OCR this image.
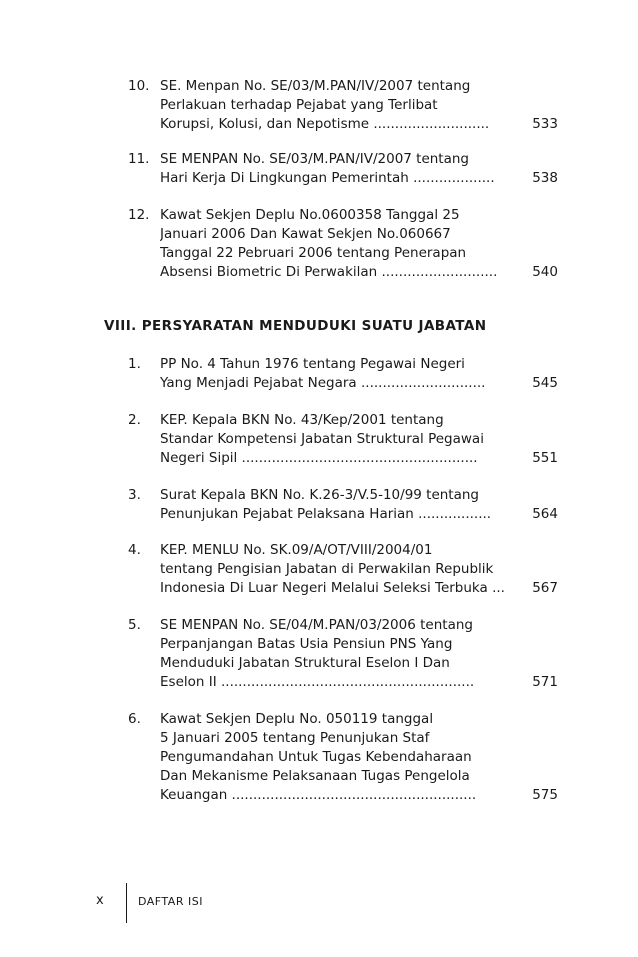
10. SE. Menpan No. SE/03/M.PAN/IV/2007 tentang
Perlakuan terhadap Pejabat yang Terlibat
Korupsi, Kolusi, dan Nepotisme ...........................	533
11. SE MENPAN No. SE/03/M.PAN/IV/2007 tentang
Hari Kerja Di Lingkungan Pemerintah ...................	538
12. Kawat Sekjen Deplu No.0600358 Tanggal 25
Januari 2006 Dan Kawat Sekjen No.060667
Tanggal 22 Pebruari 2006 tentang Penerapan
Absensi Biometric Di Perwakilan ...........................	540
VIII. PERSYARATAN MENDUDUKI SUATU JABATAN
1. PP No. 4 Tahun 1976 tentang Pegawai Negeri
Yang Menjadi Pejabat Negara .............................	545
2. KEP. Kepala BKN No. 43/Kep/2001 tentang
Standar Kompetensi Jabatan Struktural Pegawai
Negeri Sipil .......................................................	551
3. Surat Kepala BKN No. K.26-3/V.5-10/99 tentang
Penunjukan Pejabat Pelaksana Harian .................	564
4. KEP. MENLU No. SK.09/A/OT/VIII/2004/01
tentang Pengisian Jabatan di Perwakilan Republik
Indonesia Di Luar Negeri Melalui Seleksi Terbuka ...	567
5. SE MENPAN No. SE/04/M.PAN/03/2006 tentang
Perpanjangan Batas Usia Pensiun PNS Yang
Menduduki Jabatan Struktural Eselon I Dan
Eselon II ...........................................................	571
6. Kawat Sekjen Deplu No. 050119 tanggal
5 Januari 2005 tentang Penunjukan Staf
Pengumandahan Untuk Tugas Kebendaharaan
Dan Mekanisme Pelaksanaan Tugas Pengelola
Keuangan .........................................................	575
x	DAFTAR ISI
